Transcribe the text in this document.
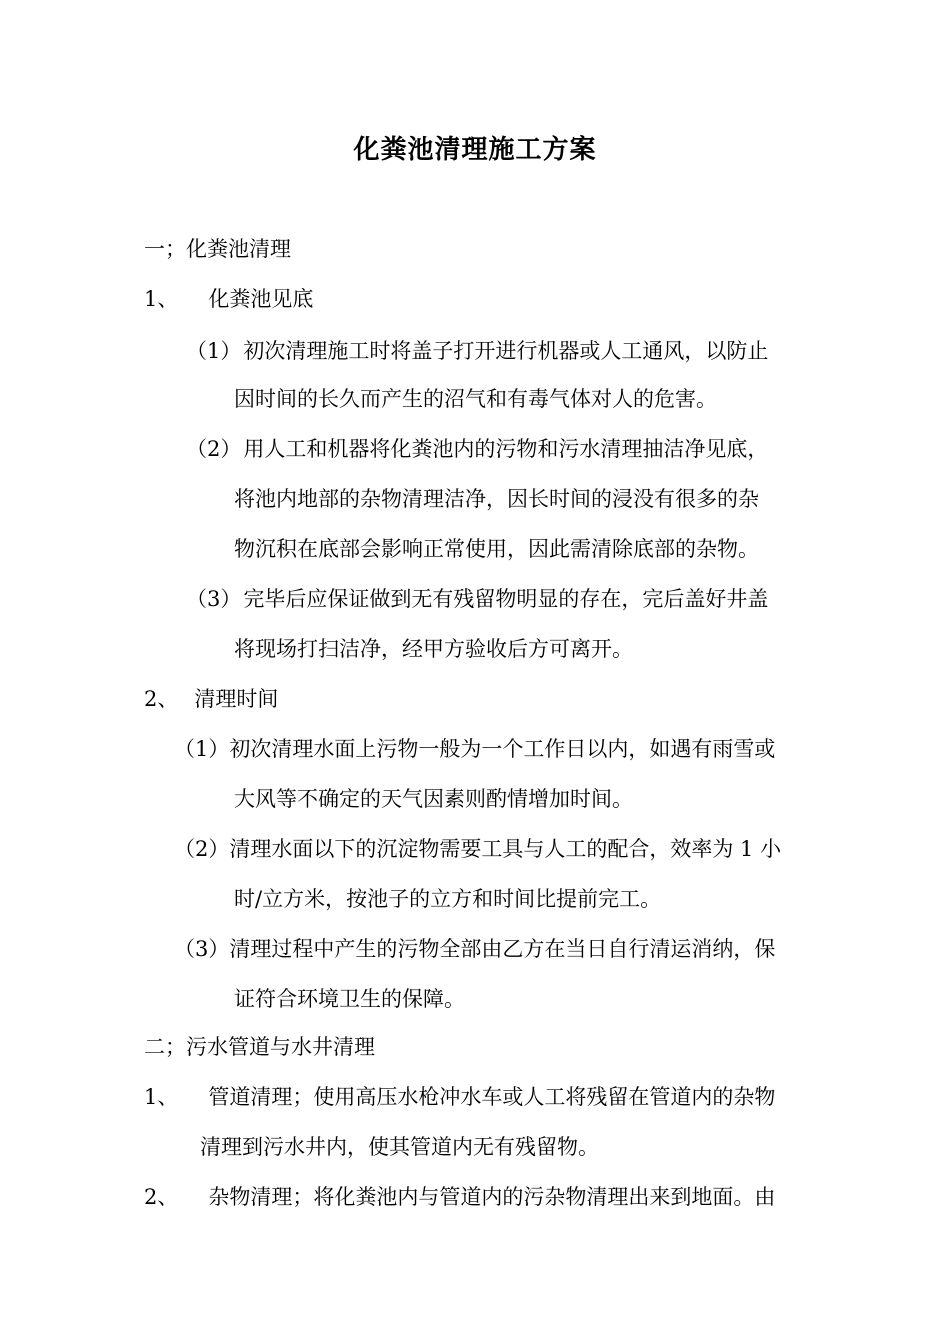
化粪池清理施工方案
一；化粪池清理
1、 化粪池见底
（1）初次清理施工时将盖子打开进行机器或人工通风，以防止
因时间的长久而产生的沼气和有毒气体对人的危害。
（2）用人工和机器将化粪池内的污物和污水清理抽洁净见底，
将池内地部的杂物清理洁净，因长时间的浸没有很多的杂
物沉积在底部会影响正常使用，因此需清除底部的杂物。
（3）完毕后应保证做到无有残留物明显的存在，完后盖好井盖
将现场打扫洁净，经甲方验收后方可离开。
2、 清理时间
（1）初次清理水面上污物一般为一个工作日以内，如遇有雨雪或
大风等不确定的天气因素则酌情增加时间。
（2）清理水面以下的沉淀物需要工具与人工的配合，效率为 1 小
时/立方米，按池子的立方和时间比提前完工。
（3）清理过程中产生的污物全部由乙方在当日自行清运消纳，保
证符合环境卫生的保障。
二；污水管道与水井清理
1、 管道清理；使用高压水枪冲水车或人工将残留在管道内的杂物
清理到污水井内，使其管道内无有残留物。
2、 杂物清理；将化粪池内与管道内的污杂物清理出来到地面。由
